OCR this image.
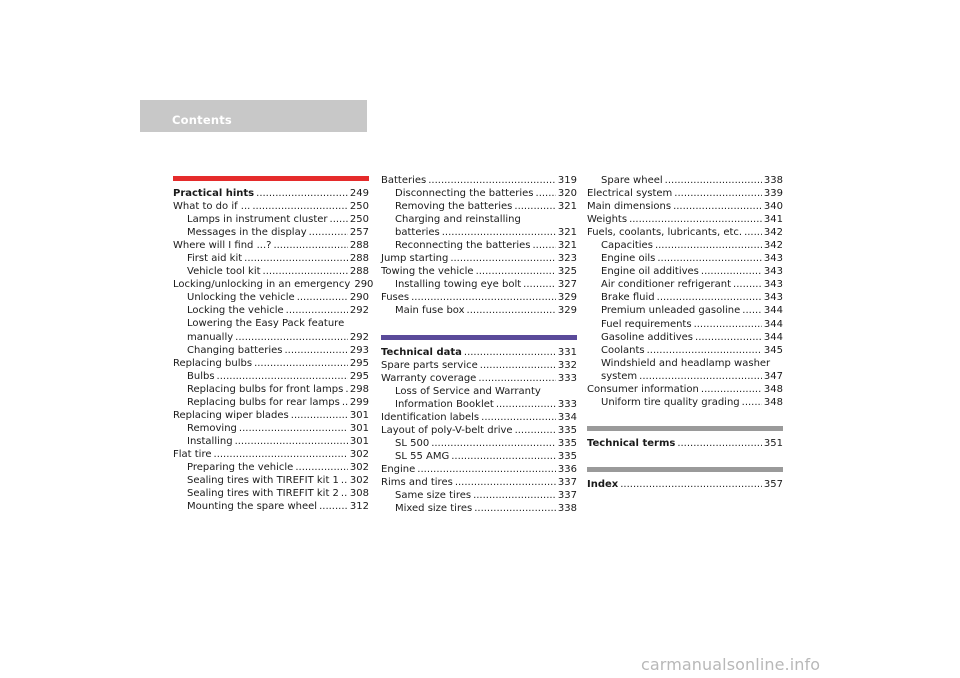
Contents
Practical hints .....	249
What to do if ... .....	250
Lamps in instrument cluster ..... 250
Messages in the display .....	257
Where will I find ...? .....	288
First aid kit .....	288
Vehicle tool kit .....	288
Locking/unlocking in an emergency 290
Unlocking the vehicle .....	290
Locking the vehicle .....	292
Lowering the Easy Pack feature
manually .....	292
Changing batteries .....	293
Replacing bulbs .....	295
Bulbs .....	295
Replacing bulbs for front lamps ..... 298
Replacing bulbs for rear lamps ..... 299
Replacing wiper blades .....	301
Removing .....	301
Installing .....	301
Flat tire .....	302
Preparing the vehicle .....	302
Sealing tires with TIREFIT kit 1 ..... 302
Sealing tires with TIREFIT kit 2 ..... 308
Mounting the spare wheel .....	312
Batteries .....	319
Disconnecting the batteries ..... 320
Removing the batteries .....	321
Charging and reinstalling
batteries .....	321
Reconnecting the batteries .....	321
Jump starting .....	323
Towing the vehicle .....	325
Installing towing eye bolt .....	327
Fuses .....	329
Main fuse box .....	329
Technical data .....	331
Spare parts service .....	332
Warranty coverage .....	333
Loss of Service and Warranty
Information Booklet .....	333
Identification labels .....	334
Layout of poly-V-belt drive .....	335
SL 500 .....	335
SL 55 AMG .....	335
Engine .....	336
Rims and tires .....	337
Same size tires .....	337
Mixed size tires .....	338
Spare wheel .....	338
Electrical system .....	339
Main dimensions .....	340
Weights .....	341
Fuels, coolants, lubricants, etc. ..... 342
Capacities .....	342
Engine oils .....	343
Engine oil additives .....	343
Air conditioner refrigerant .....	343
Brake fluid .....	343
Premium unleaded gasoline ..... 344
Fuel requirements .....	344
Gasoline additives .....	344
Coolants .....	345
Windshield and headlamp washer
system .....	347
Consumer information .....	348
Uniform tire quality grading ..... 348
Technical terms .....	351
Index .....	357
carmanualsonline.info
